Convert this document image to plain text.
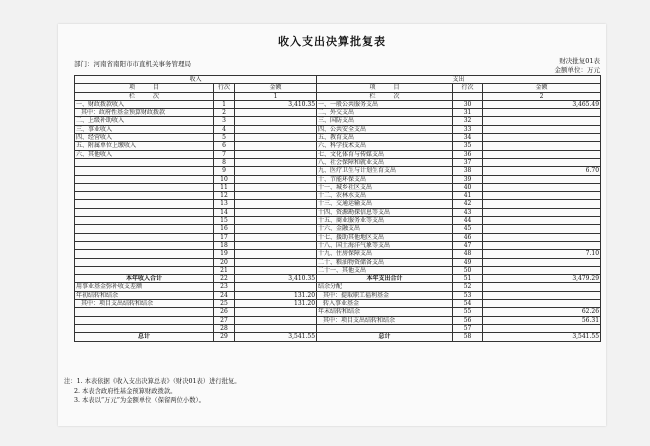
收入支出决算批复表
部门：河南省南阳市市直机关事务管理局	财决批复01表
金额单位：万元
收入			支出		
项　　　目	行次	金额	项　　　目	行次	金额
栏　　　次		1	栏　　　次		2
一、财政拨款收入	1	3,410.35	一、一般公共服务支出	30	3,465.49
其中：政府性基金预算财政拨款	2		二、外交支出	31	
二、上级补助收入	3		三、国防支出	32	
三、事业收入	4		四、公共安全支出	33	
四、经营收入	5		五、教育支出	34	
五、附属单位上缴收入	6		六、科学技术支出	35	
六、其他收入	7		七、文化体育与传媒支出	36	
	8		八、社会保障和就业支出	37	
	9		九、医疗卫生与计划生育支出	38	6.70
	10		十、节能环保支出	39	
	11		十一、城乡社区支出	40	
	12		十二、农林水支出	41	
	13		十三、交通运输支出	42	
	14		十四、资源勘探信息等支出	43	
	15		十五、商业服务业等支出	44	
	16		十六、金融支出	45	
	17		十七、援助其他地区支出	46	
	18		十八、国土海洋气象等支出	47	
	19		十九、住房保障支出	48	7.10
	20		二十、粮油物资储备支出	49	
	21		二十一、其他支出	50	
本年收入合计	22	3,410.35	本年支出合计	51	3,479.29
用事业基金弥补收支差额	23		结余分配	52	
年初结转和结余	24	131.20	其中：提取职工福利基金	53	
其中：项目支出结转和结余	25	131.20	转入事业基金	54	
	26		年末结转和结余	55	62.26
	27		其中：项目支出结转和结余	56	56.31
	28			57	
总计	29	3,541.55	总计	58	3,541.55
注：1. 本表依据《收入支出决算总表》（财决01表）进行批复。
2. 本表含政府性基金预算财政拨款。
3. 本表以“万元”为金额单位（保留两位小数）。
